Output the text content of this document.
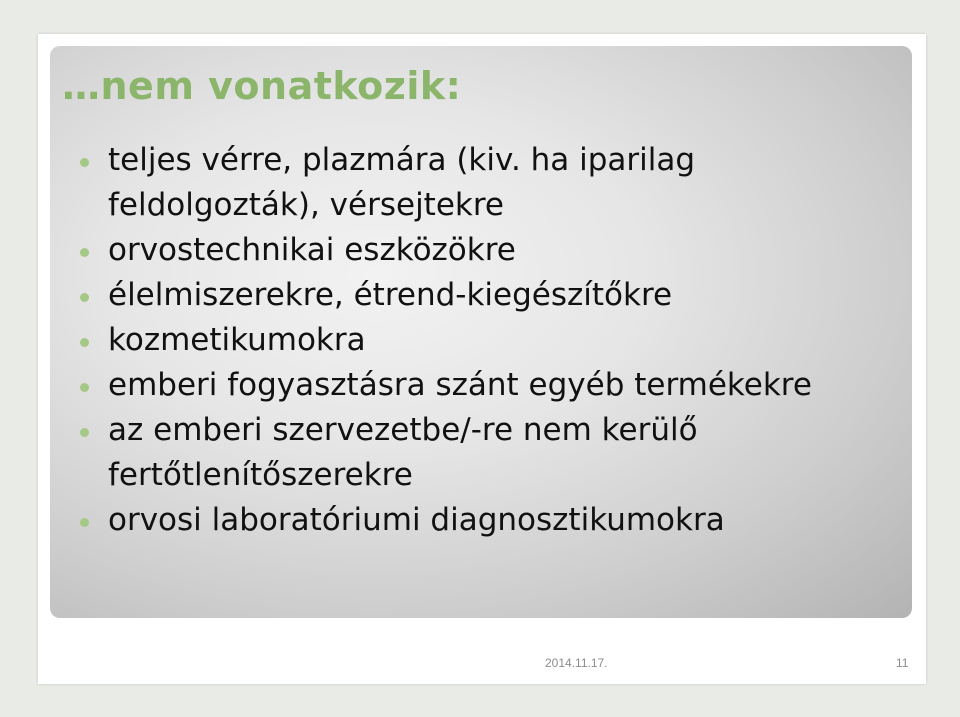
…nem vonatkozik:
teljes vérre, plazmára (kiv. ha iparilag feldolgozták), vérsejtekre
orvostechnikai eszközökre
élelmiszerekre, étrend-kiegészítőkre
kozmetikumokra
emberi fogyasztásra szánt egyéb termékekre
az emberi szervezetbe/-re nem kerülő fertőtlenítőszerekre
orvosi laboratóriumi diagnosztikumokra
2014.11.17.	11
